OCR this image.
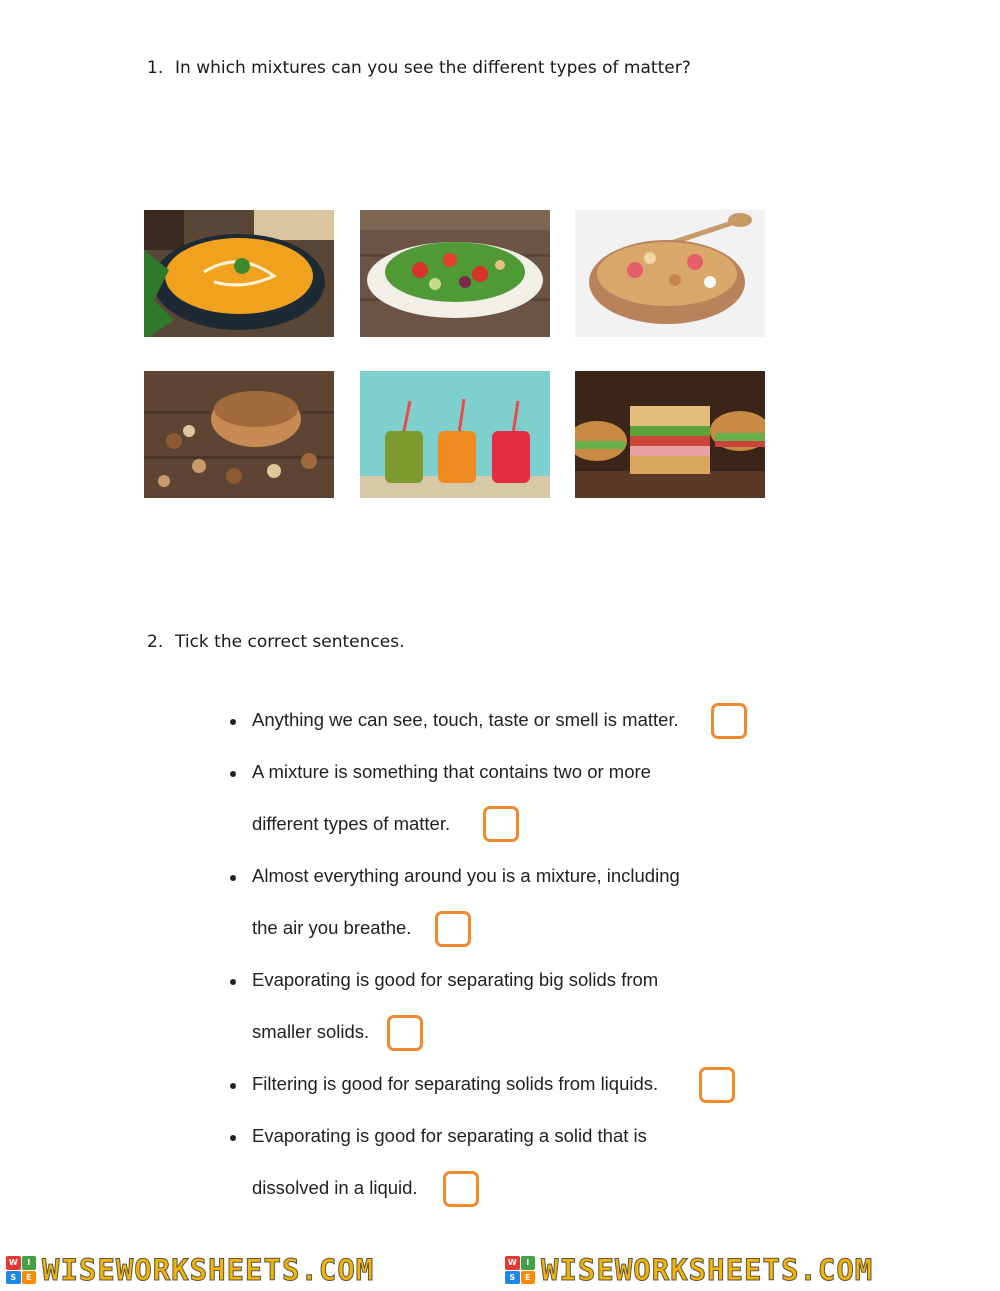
1. In which mixtures can you see the different types of matter?
2. Tick the correct sentences.
Anything we can see, touch, taste or smell is matter.
A mixture is something that contains two or more
different types of matter.
Almost everything around you is a mixture, including
the air you breathe.
Evaporating is good for separating big solids from
smaller solids.
Filtering is good for separating solids from liquids.
Evaporating is good for separating a solid that is
dissolved in a liquid.
W	I
S	E WISEWORKSHEETS.COM	W	I
S	E WISEWORKSHEETS.COM
